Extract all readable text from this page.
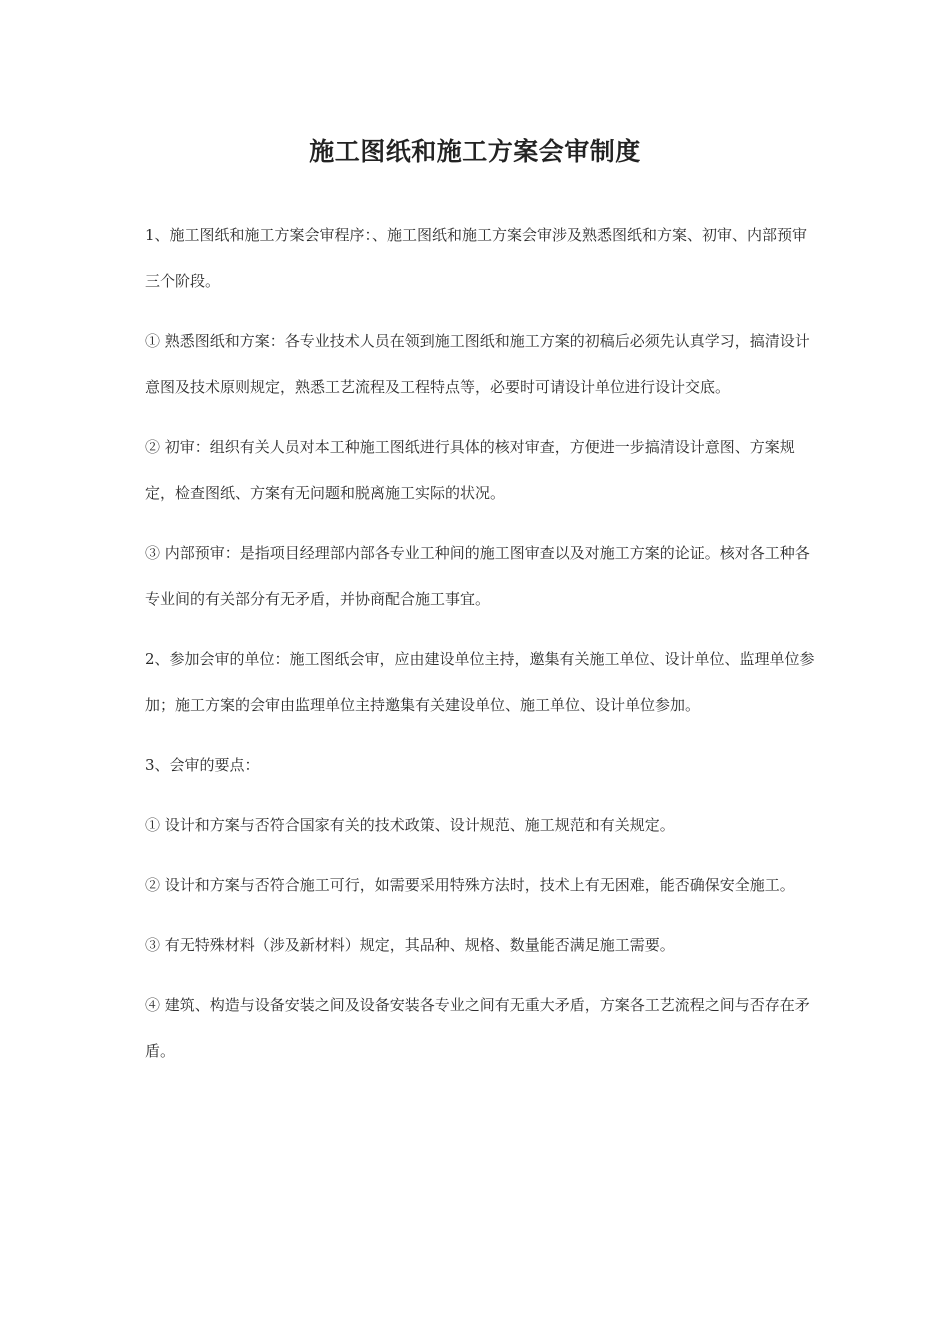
施工图纸和施工方案会审制度

1、施工图纸和施工方案会审程序：、施工图纸和施工方案会审涉及熟悉图纸和方案、初审、内部预审三个阶段。

① 熟悉图纸和方案：各专业技术人员在领到施工图纸和施工方案的初稿后必须先认真学习，搞清设计意图及技术原则规定，熟悉工艺流程及工程特点等，必要时可请设计单位进行设计交底。

② 初审：组织有关人员对本工种施工图纸进行具体的核对审查，方便进一步搞清设计意图、方案规定，检查图纸、方案有无问题和脱离施工实际的状况。

③ 内部预审：是指项目经理部内部各专业工种间的施工图审查以及对施工方案的论证。核对各工种各专业间的有关部分有无矛盾，并协商配合施工事宜。

2、参加会审的单位：施工图纸会审，应由建设单位主持，邀集有关施工单位、设计单位、监理单位参加；施工方案的会审由监理单位主持邀集有关建设单位、施工单位、设计单位参加。

3、会审的要点：

① 设计和方案与否符合国家有关的技术政策、设计规范、施工规范和有关规定。

② 设计和方案与否符合施工可行，如需要采用特殊方法时，技术上有无困难，能否确保安全施工。

③ 有无特殊材料（涉及新材料）规定，其品种、规格、数量能否满足施工需要。

④ 建筑、构造与设备安装之间及设备安装各专业之间有无重大矛盾，方案各工艺流程之间与否存在矛盾。
